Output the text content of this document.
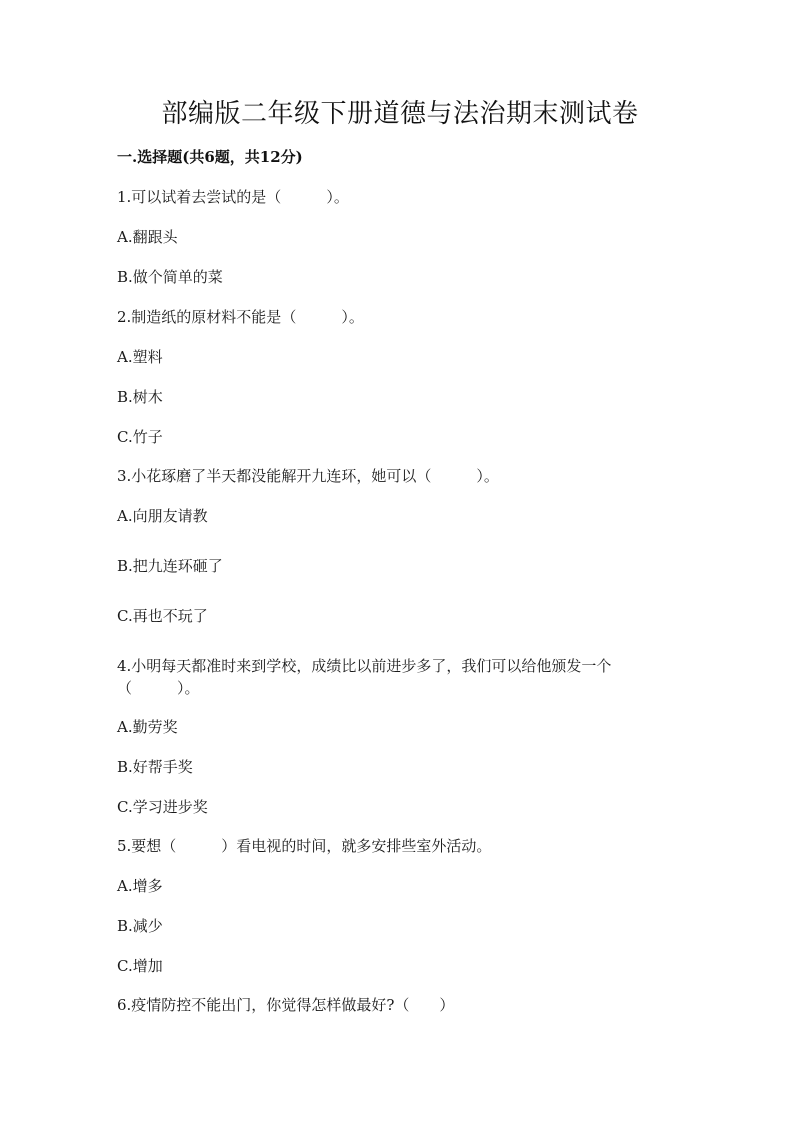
部编版二年级下册道德与法治期末测试卷
一.选择题(共6题，共12分)
1.可以试着去尝试的是（　　　）。
A.翻跟头
B.做个简单的菜
2.制造纸的原材料不能是（　　　）。
A.塑料
B.树木
C.竹子
3.小花琢磨了半天都没能解开九连环，她可以（　　　）。
A.向朋友请教
B.把九连环砸了
C.再也不玩了
4.小明每天都准时来到学校，成绩比以前进步多了，我们可以给他颁发一个（　　　）。
A.勤劳奖
B.好帮手奖
C.学习进步奖
5.要想（　　　）看电视的时间，就多安排些室外活动。
A.增多
B.减少
C.增加
6.疫情防控不能出门，你觉得怎样做最好?（　　）
